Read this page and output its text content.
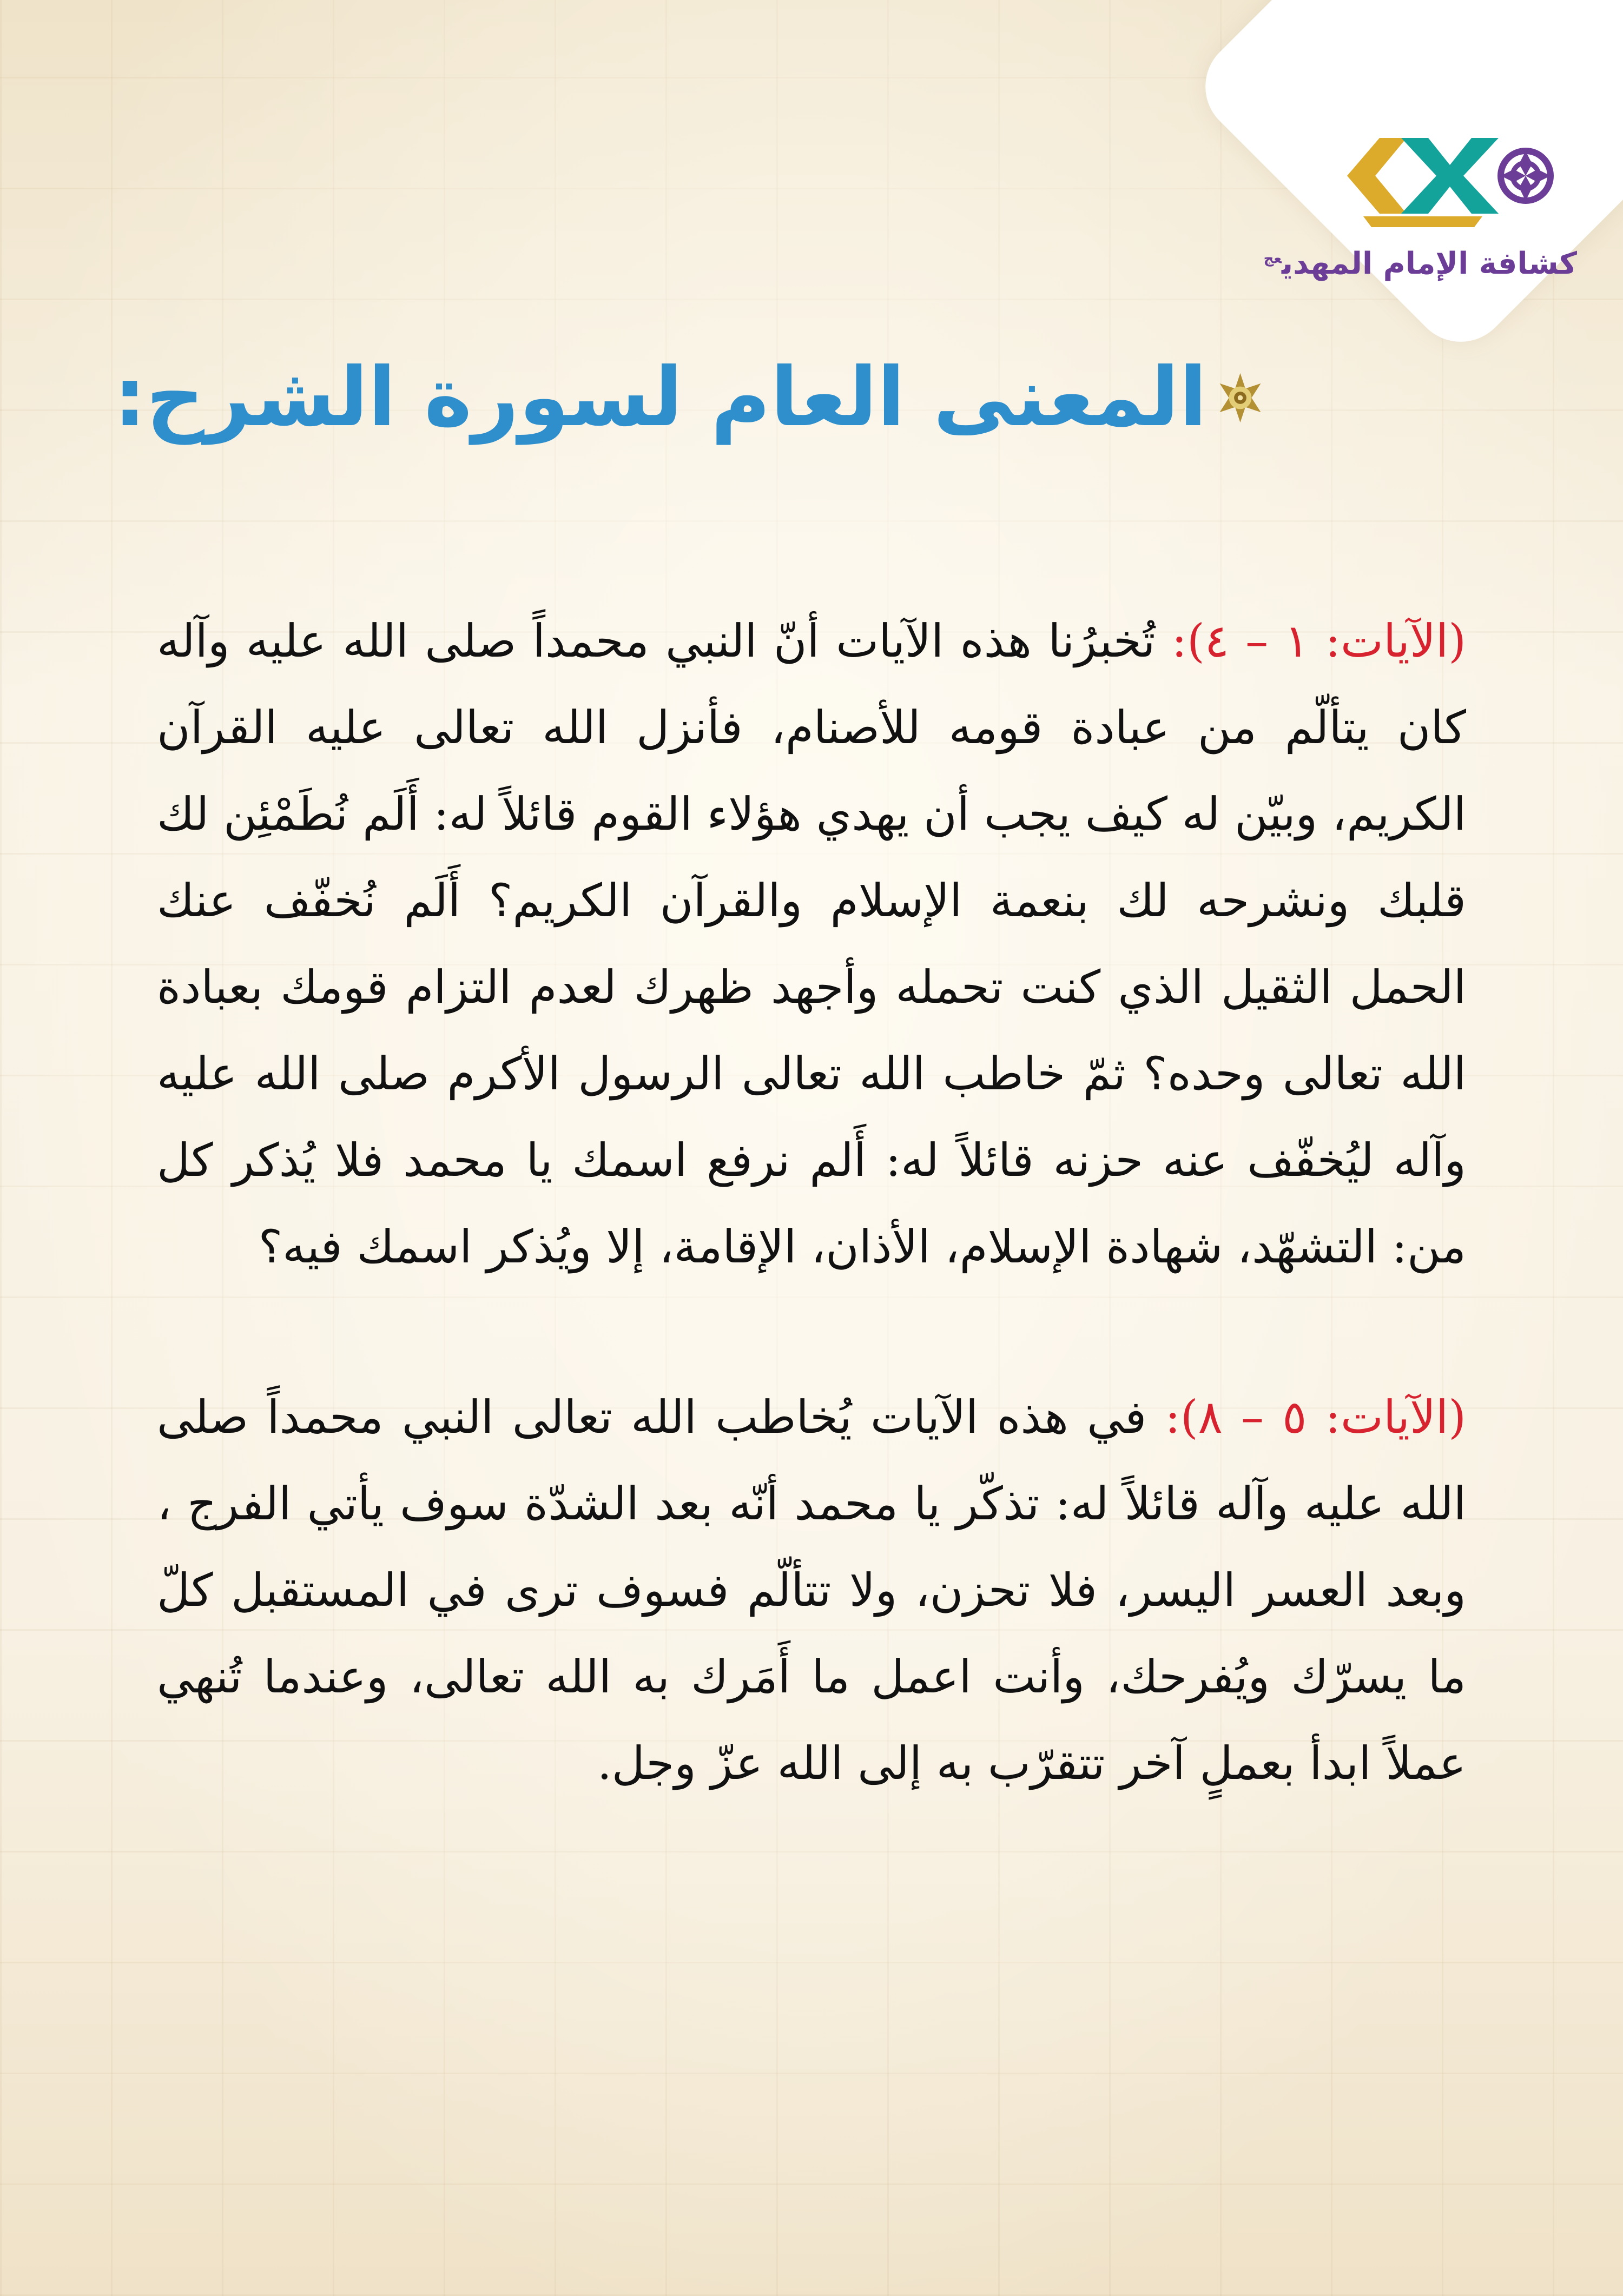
كشافة الإمام المهدي$^{عج}$
المعنى العام لسورة الشرح:
(الآيات: ١ – ٤): تُخبرُنا هذه الآيات أنّ النبي محمداً صلى الله عليه وآله كان يتألّم من عبادة قومه للأصنام، فأنزل الله تعالى عليه القرآن الكريم، وبيّن له كيف يجب أن يهدي هؤلاء القوم قائلاً له: أَلَم نُطَمْئِن لك قلبك ونشرحه لك بنعمة الإسلام والقرآن الكريم؟ أَلَم نُخفّف عنك الحمل الثقيل الذي كنت تحمله وأجهد ظهرك لعدم التزام قومك بعبادة الله تعالى وحده؟ ثمّ خاطب الله تعالى الرسول الأكرم صلى الله عليه وآله ليُخفّف عنه حزنه قائلاً له: أَلم نرفع اسمك يا محمد فلا يُذكر كل من: التشهّد، شهادة الإسلام، الأذان، الإقامة، إلا ويُذكر اسمك فيه؟
(الآيات: ٥ – ٨): في هذه الآيات يُخاطب الله تعالى النبي محمداً صلى الله عليه وآله قائلاً له: تذكّر يا محمد أنّه بعد الشدّة سوف يأتي الفرج ، وبعد العسر اليسر، فلا تحزن، ولا تتألّم فسوف ترى في المستقبل كلّ ما يسرّك ويُفرحك، وأنت اعمل ما أَمَرك به الله تعالى، وعندما تُنهي عملاً ابدأ بعملٍ آخر تتقرّب به إلى الله عزّ وجل.
